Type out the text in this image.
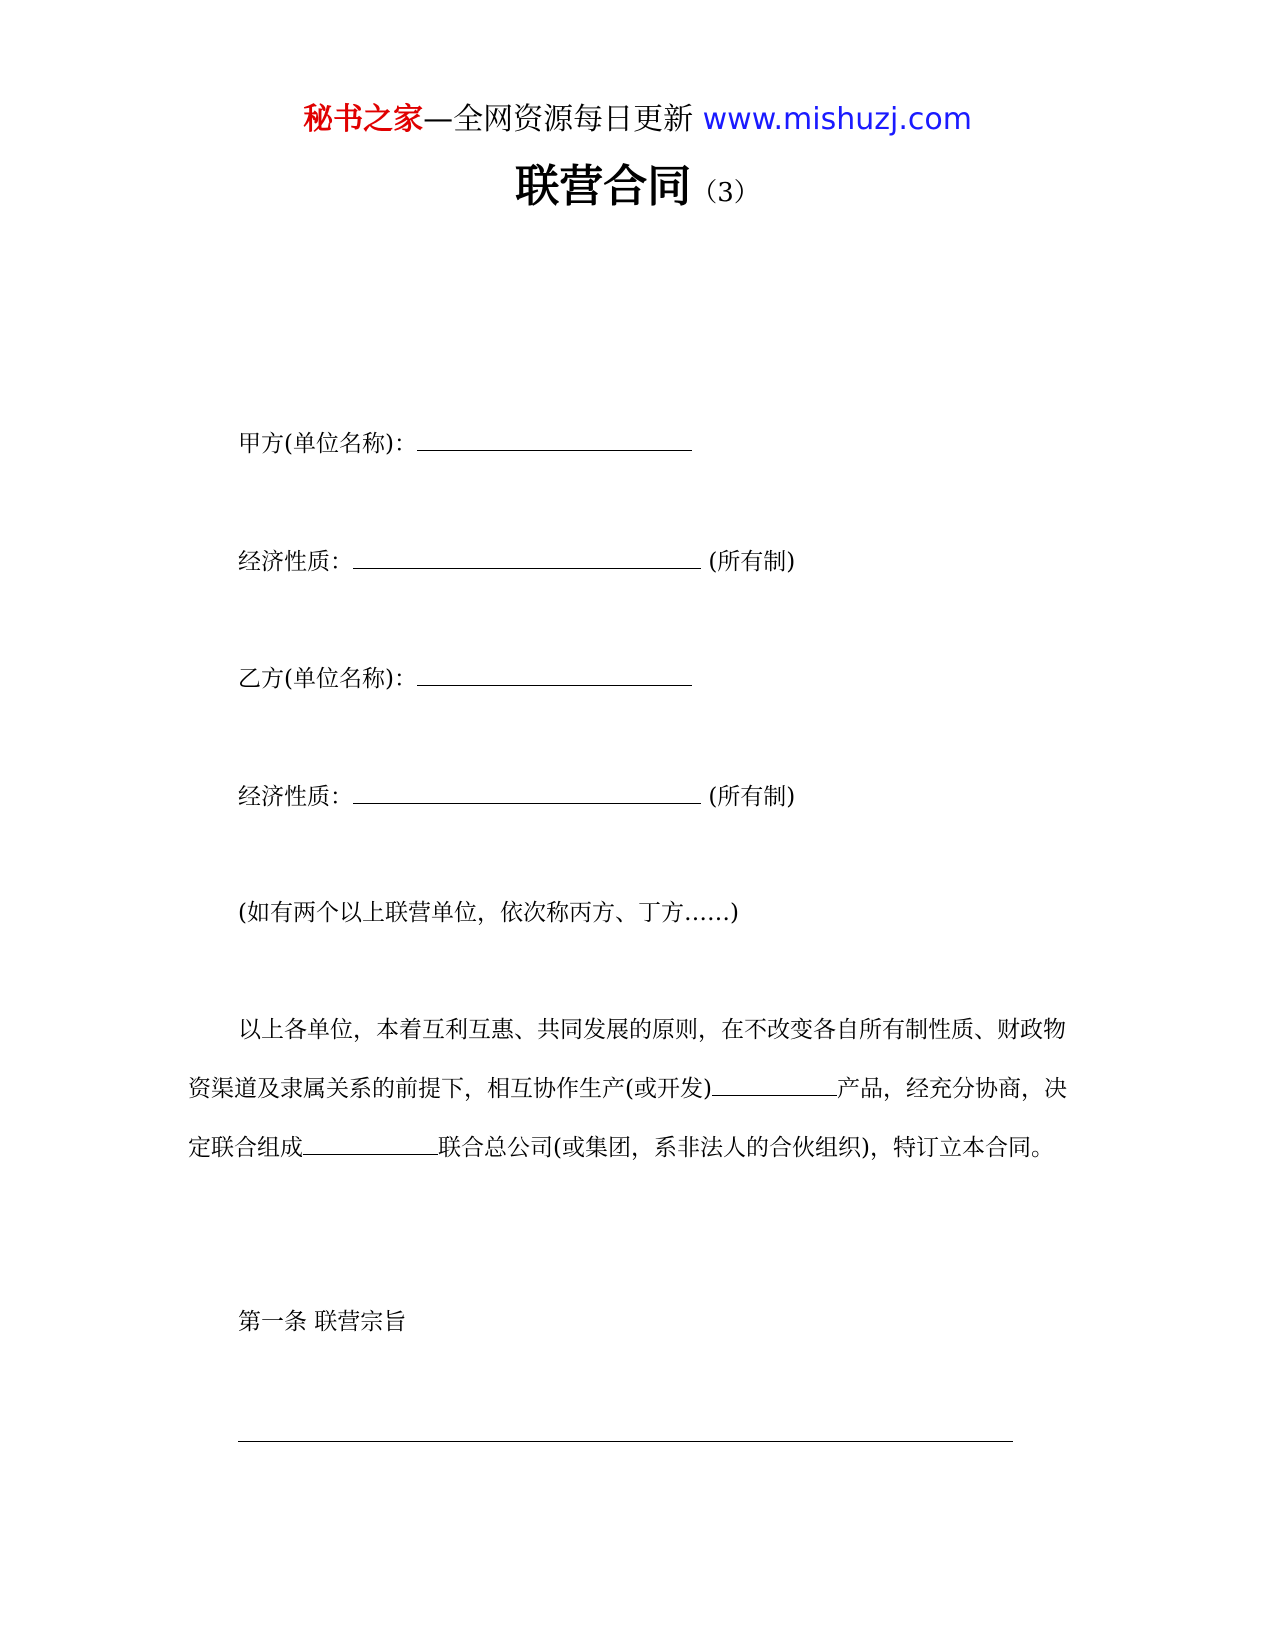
秘书之家—全网资源每日更新 www.mishuzj.com
联营合同（3）
甲方(单位名称)：
经济性质：	(所有制)
乙方(单位名称)：
经济性质：	(所有制)
(如有两个以上联营单位，依次称丙方、丁方……)
以上各单位，本着互利互惠、共同发展的原则，在不改变各自所有制性质、财政物资渠道及隶属关系的前提下，相互协作生产(或开发)	产品，经充分协商，决定联合组成	联合总公司(或集团，系非法人的合伙组织)，特订立本合同。
第一条 联营宗旨
